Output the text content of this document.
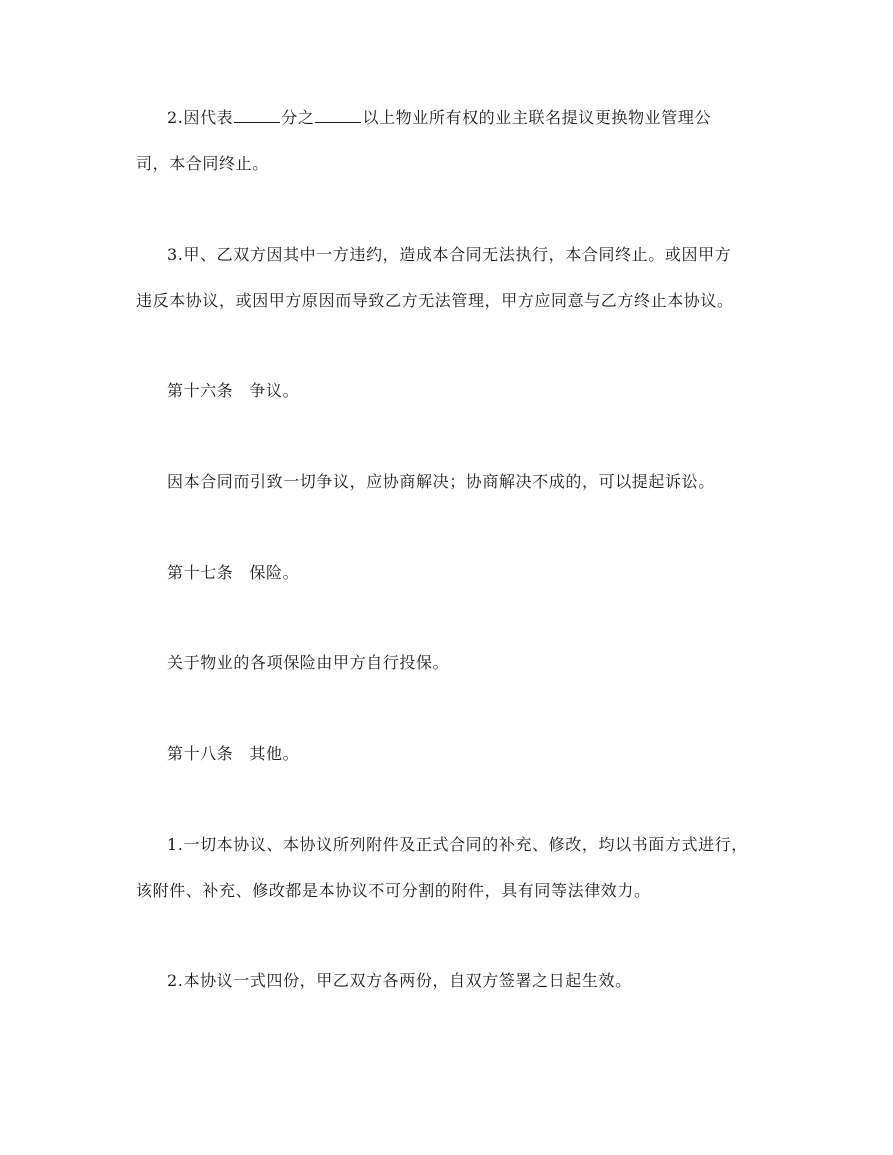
2.因代表	分之	以上物业所有权的业主联名提议更换物业管理公
司，本合同终止。
3.甲、乙双方因其中一方违约，造成本合同无法执行，本合同终止。或因甲方
违反本协议，或因甲方原因而导致乙方无法管理，甲方应同意与乙方终止本协议。
第十六条 争议。
因本合同而引致一切争议，应协商解决；协商解决不成的，可以提起诉讼。
第十七条 保险。
关于物业的各项保险由甲方自行投保。
第十八条 其他。
1.一切本协议、本协议所列附件及正式合同的补充、修改，均以书面方式进行，
该附件、补充、修改都是本协议不可分割的附件，具有同等法律效力。
2.本协议一式四份，甲乙双方各两份，自双方签署之日起生效。
